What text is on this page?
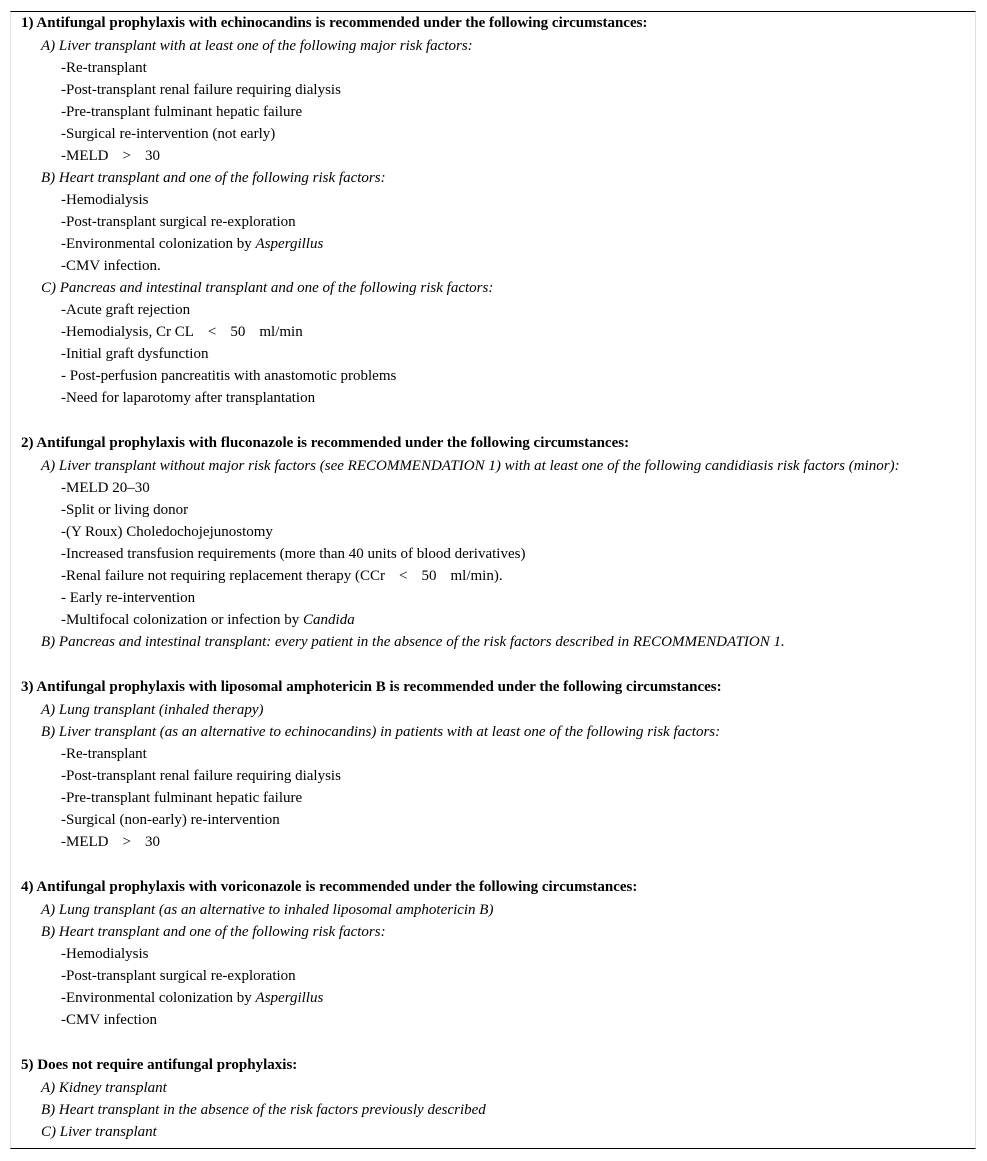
1) Antifungal prophylaxis with echinocandins is recommended under the following circumstances:
A) Liver transplant with at least one of the following major risk factors:
-Re-transplant
-Post-transplant renal failure requiring dialysis
-Pre-transplant fulminant hepatic failure
-Surgical re-intervention (not early)
-MELD > 30
B) Heart transplant and one of the following risk factors:
-Hemodialysis
-Post-transplant surgical re-exploration
-Environmental colonization by Aspergillus
-CMV infection.
C) Pancreas and intestinal transplant and one of the following risk factors:
-Acute graft rejection
-Hemodialysis, Cr CL < 50 ml/min
-Initial graft dysfunction
- Post-perfusion pancreatitis with anastomotic problems
-Need for laparotomy after transplantation
2) Antifungal prophylaxis with fluconazole is recommended under the following circumstances:
A) Liver transplant without major risk factors (see RECOMMENDATION 1) with at least one of the following candidiasis risk factors (minor):
-MELD 20–30
-Split or living donor
-(Y Roux) Choledochojejunostomy
-Increased transfusion requirements (more than 40 units of blood derivatives)
-Renal failure not requiring replacement therapy (CCr < 50 ml/min).
- Early re-intervention
-Multifocal colonization or infection by Candida
B) Pancreas and intestinal transplant: every patient in the absence of the risk factors described in RECOMMENDATION 1.
3) Antifungal prophylaxis with liposomal amphotericin B is recommended under the following circumstances:
A) Lung transplant (inhaled therapy)
B) Liver transplant (as an alternative to echinocandins) in patients with at least one of the following risk factors:
-Re-transplant
-Post-transplant renal failure requiring dialysis
-Pre-transplant fulminant hepatic failure
-Surgical (non-early) re-intervention
-MELD > 30
4) Antifungal prophylaxis with voriconazole is recommended under the following circumstances:
A) Lung transplant (as an alternative to inhaled liposomal amphotericin B)
B) Heart transplant and one of the following risk factors:
-Hemodialysis
-Post-transplant surgical re-exploration
-Environmental colonization by Aspergillus
-CMV infection
5) Does not require antifungal prophylaxis:
A) Kidney transplant
B) Heart transplant in the absence of the risk factors previously described
C) Liver transplant
